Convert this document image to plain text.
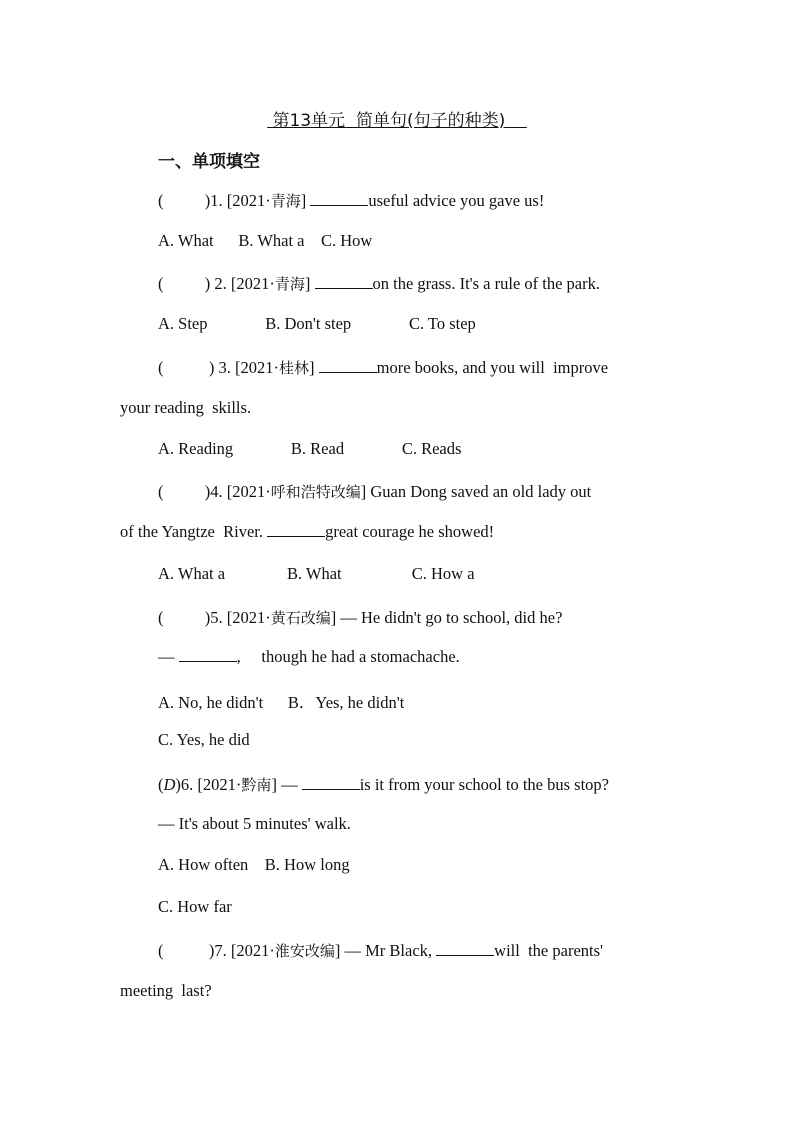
第13单元 简单句(句子的种类)
一、单项填空
(          )1. [2021·青海]	useful advice you gave us!
A. What B. What a C. How
(          ) 2. [2021·青海]	on the grass. It's a rule of the park.
A. Step	B. Don't step	C. To step
(           ) 3. [2021·桂林]	more books, and you will  improve
your reading  skills.
A. Reading	B. Read	C. Reads
(          )4. [2021·呼和浩特改编] Guan Dong saved an old lady out
of the Yangtze  River.	great courage he showed!
A. What a	B. What	C. How a
(          )5. [2021·黄石改编] — He didn't go to school, did he?
—	,     though he had a stomachache.
A. No, he didn't B．Yes, he didn't
C. Yes, he did
(D)6. [2021·黔南] —	is it from your school to the bus stop?
— It's about 5 minutes' walk.
A. How often B. How long
C. How far
(           )7. [2021·淮安改编] — Mr Black,	will  the parents'
meeting  last?
